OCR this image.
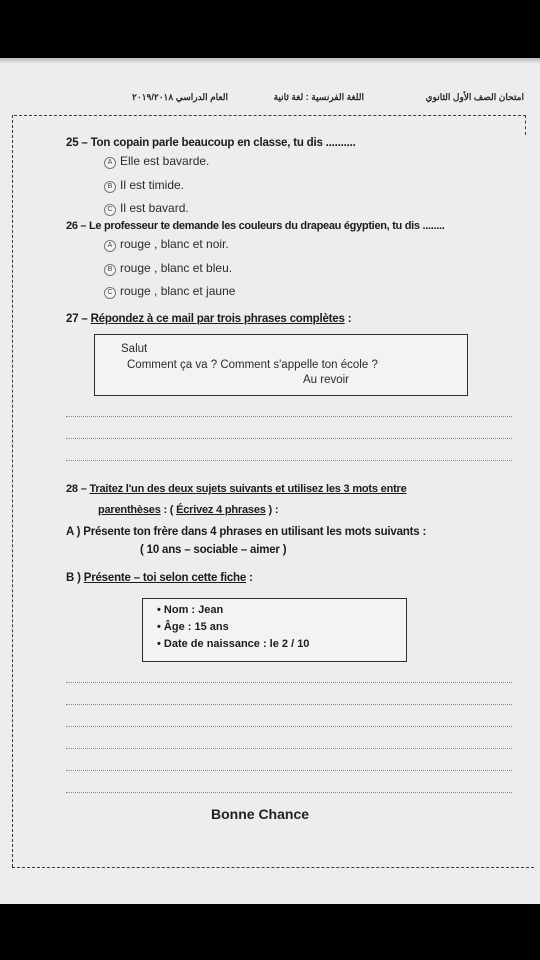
امتحان الصف الأول الثانوي
اللغة الفرنسية : لغة ثانية
العام الدراسي ٢٠١٩/٢٠١٨
25 – Ton copain parle beaucoup en classe, tu dis ..........
A Elle est bavarde.
B Il est timide.
C Il est bavard.
26 – Le professeur te demande les couleurs du drapeau égyptien, tu dis ........
A rouge , blanc et noir.
B rouge , blanc et bleu.
C rouge , blanc et jaune
27 – Répondez à ce mail par trois phrases complètes :
Salut
Comment ça va ? Comment s'appelle ton école ?
Au revoir
28 – Traitez l'un des deux sujets suivants et utilisez les 3 mots entre
parenthèses : ( Écrivez 4 phrases ) :
A ) Présente ton frère dans 4 phrases en utilisant les mots suivants :
( 10 ans – sociable – aimer )
B ) Présente – toi selon cette fiche :
• Nom : Jean
• Âge : 15 ans
• Date de naissance : le 2 / 10
Bonne Chance
